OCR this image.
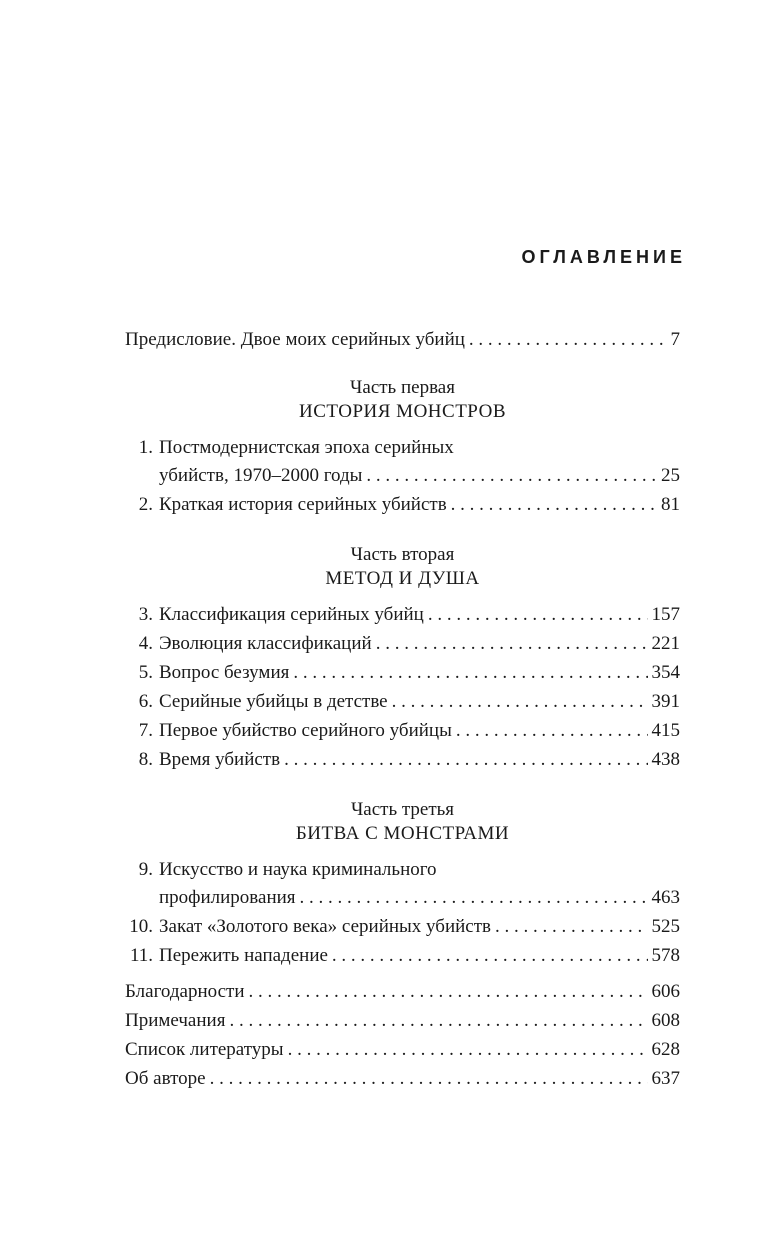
ОГЛАВЛЕНИЕ
Предисловие. Двое моих серийных убийц . . .	7
Часть первая
ИСТОРИЯ МОНСТРОВ
1. Постмодернистская эпоха серийных
убийств, 1970–2000 годы . . .	25
2. Краткая история серийных убийств . . .	81
Часть вторая
МЕТОД И ДУША
3. Классификация серийных убийц . . .	157
4. Эволюция классификаций . . .	221
5. Вопрос безумия . . .	354
6. Серийные убийцы в детстве . . .	391
7. Первое убийство серийного убийцы . . .	415
8. Время убийств . . .	438
Часть третья
БИТВА С МОНСТРАМИ
9. Искусство и наука криминального
профилирования . . .	463
10. Закат «Золотого века» серийных убийств . . .	525
11. Пережить нападение . . .	578
Благодарности . . .	606
Примечания . . .	608
Список литературы . . .	628
Об авторе . . .	637
